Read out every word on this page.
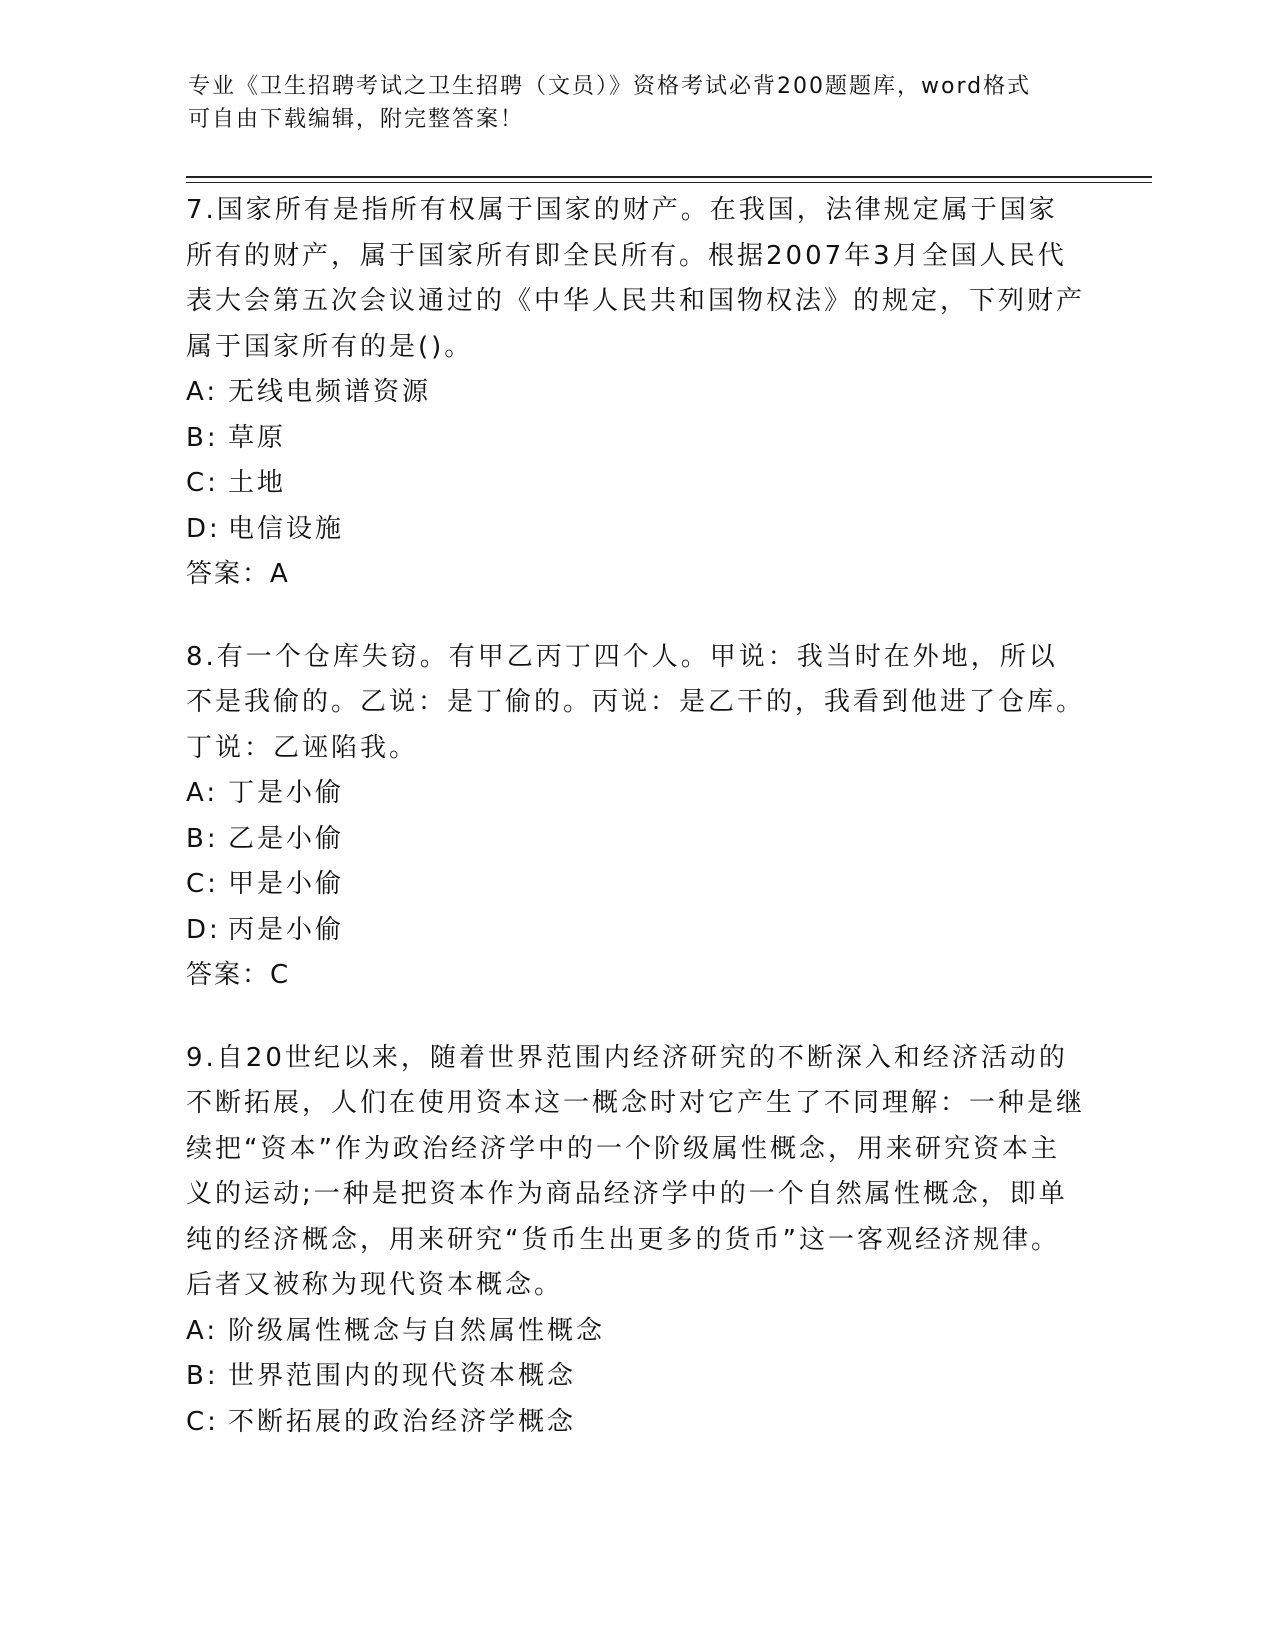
专业《卫生招聘考试之卫生招聘（文员）》资格考试必背200题题库，word格式
可自由下载编辑，附完整答案！

7.国家所有是指所有权属于国家的财产。在我国，法律规定属于国家所有的财产，属于国家所有即全民所有。根据2007年3月全国人民代表大会第五次会议通过的《中华人民共和国物权法》的规定，下列财产属于国家所有的是()。

A: 无线电频谱资源

B: 草原

C: 土地

D: 电信设施

答案：A

8.有一个仓库失窃。有甲乙丙丁四个人。甲说：我当时在外地，所以不是我偷的。乙说：是丁偷的。丙说：是乙干的，我看到他进了仓库。丁说：乙诬陷我。

A: 丁是小偷

B: 乙是小偷

C: 甲是小偷

D: 丙是小偷

答案：C

9.自20世纪以来，随着世界范围内经济研究的不断深入和经济活动的不断拓展，人们在使用资本这一概念时对它产生了不同理解：一种是继续把“资本”作为政治经济学中的一个阶级属性概念，用来研究资本主义的运动;一种是把资本作为商品经济学中的一个自然属性概念，即单纯的经济概念，用来研究“货币生出更多的货币”这一客观经济规律。后者又被称为现代资本概念。

A: 阶级属性概念与自然属性概念

B: 世界范围内的现代资本概念

C: 不断拓展的政治经济学概念
